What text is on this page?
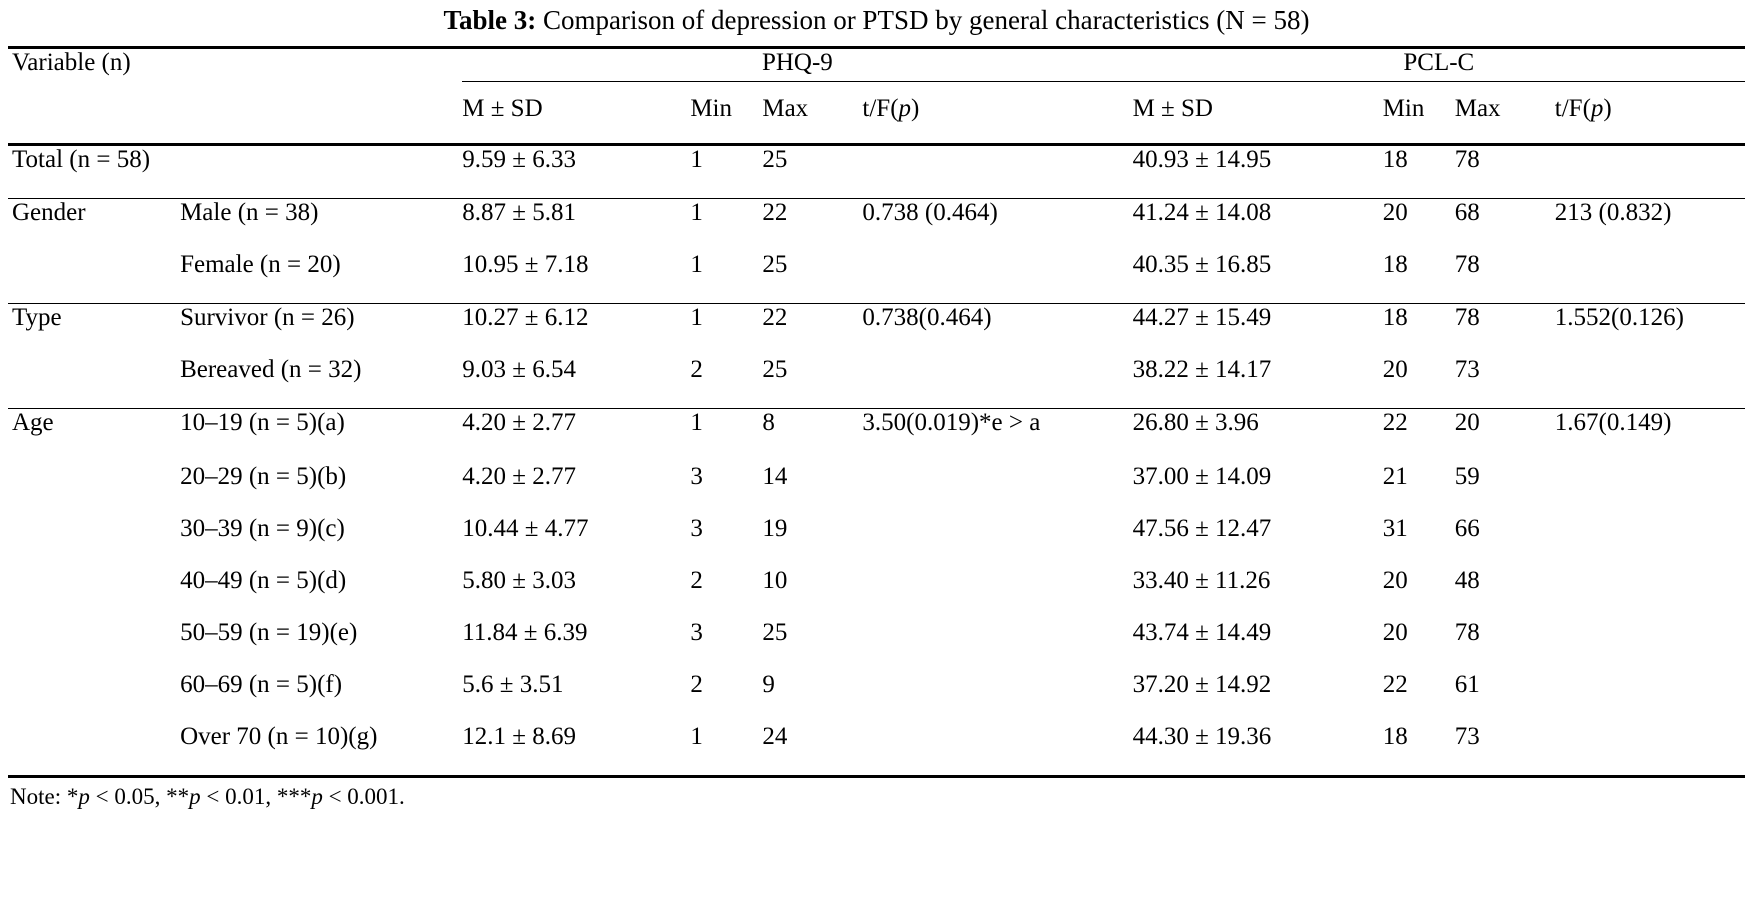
Table 3: Comparison of depression or PTSD by general characteristics (N = 58)
Variable (n)		PHQ-9				PCL-C			

		M ± SD	Min	Max	t/F(p)	M ± SD	Min	Max	t/F(p)
Total (n = 58)		9.59 ± 6.33	1	25		40.93 ± 14.95	18	78	
Gender	Male (n = 38)	8.87 ± 5.81	1	22	0.738 (0.464)	41.24 ± 14.08	20	68	213 (0.832)
	Female (n = 20)	10.95 ± 7.18	1	25		40.35 ± 16.85	18	78	
Type	Survivor (n = 26)	10.27 ± 6.12	1	22	0.738(0.464)	44.27 ± 15.49	18	78	1.552(0.126)
	Bereaved (n = 32)	9.03 ± 6.54	2	25		38.22 ± 14.17	20	73	
Age	10–19 (n = 5)(a)	4.20 ± 2.77	1	8	3.50(0.019)*e > a	26.80 ± 3.96	22	20	1.67(0.149)
	20–29 (n = 5)(b)	4.20 ± 2.77	3	14		37.00 ± 14.09	21	59	
	30–39 (n = 9)(c)	10.44 ± 4.77	3	19		47.56 ± 12.47	31	66	
	40–49 (n = 5)(d)	5.80 ± 3.03	2	10		33.40 ± 11.26	20	48	
	50–59 (n = 19)(e)	11.84 ± 6.39	3	25		43.74 ± 14.49	20	78	
	60–69 (n = 5)(f)	5.6 ± 3.51	2	9		37.20 ± 14.92	22	61	
	Over 70 (n = 10)(g)	12.1 ± 8.69	1	24		44.30 ± 19.36	18	73	
Note: *p < 0.05, **p < 0.01, ***p < 0.001.
